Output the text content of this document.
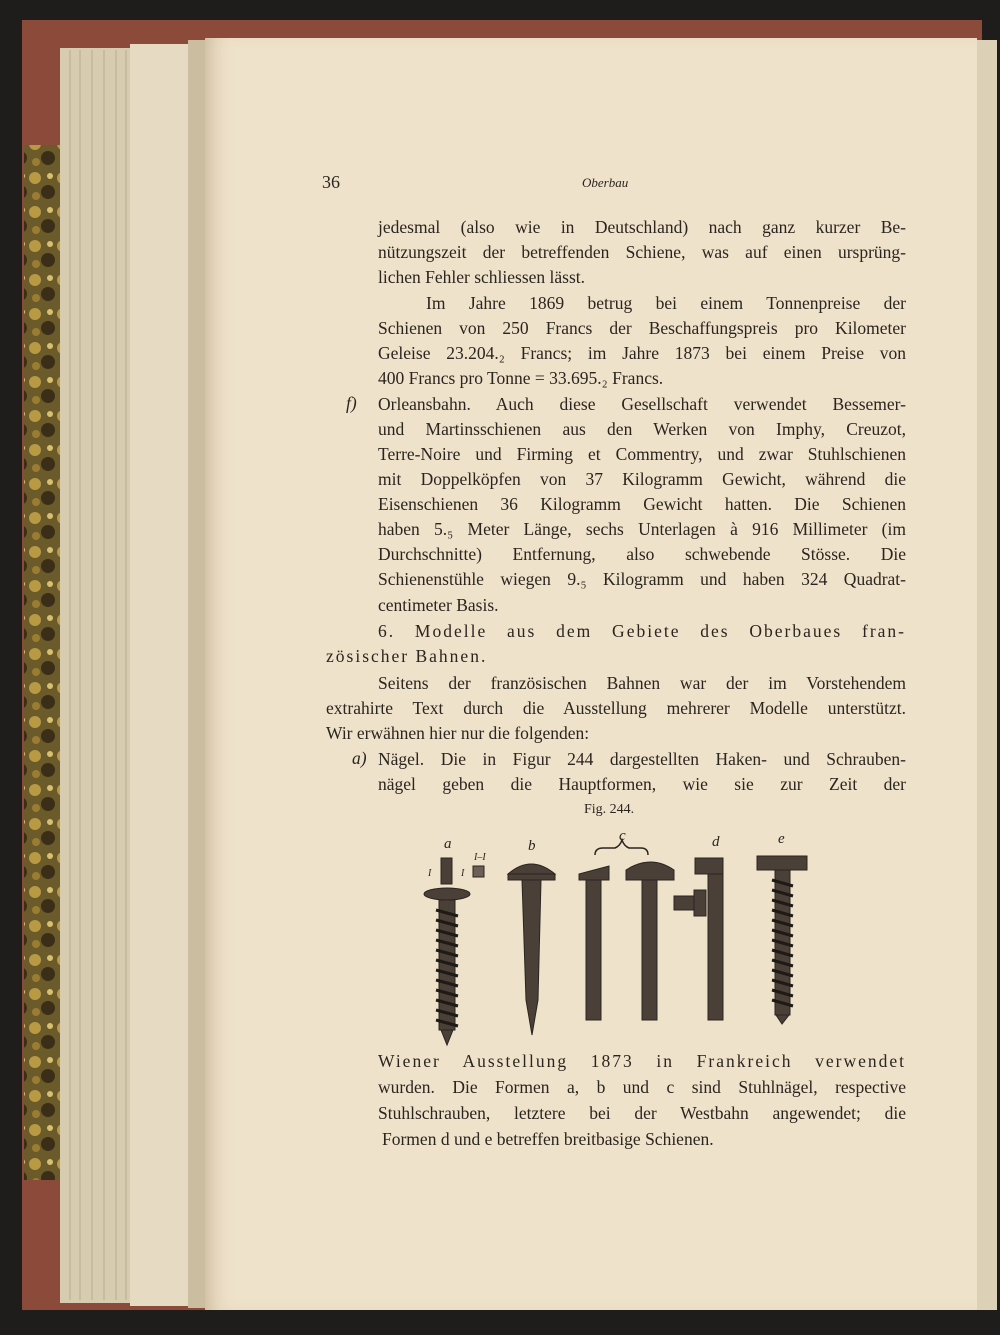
36	Oberbau
jedesmal (also wie in Deutschland) nach ganz kurzer Be-
nützungszeit der betreffenden Schiene, was auf einen ursprüng-
lichen Fehler schliessen lässt.
Im Jahre 1869 betrug bei einem Tonnenpreise der
Schienen von 250 Francs der Beschaffungspreis pro Kilometer
Geleise 23.204.₂ Francs; im Jahre 1873 bei einem Preise von
400 Francs pro Tonne = 33.695.₂ Francs.
f) Orleansbahn. Auch diese Gesellschaft verwendet Bessemer-
und Martinsschienen aus den Werken von Imphy, Creuzot,
Terre-Noire und Firming et Commentry, und zwar Stuhlschienen
mit Doppelköpfen von 37 Kilogramm Gewicht, während die
Eisenschienen 36 Kilogramm Gewicht hatten. Die Schienen
haben 5.₅ Meter Länge, sechs Unterlagen à 916 Millimeter (im
Durchschnitte) Entfernung, also schwebende Stösse. Die
Schienenstühle wiegen 9.₅ Kilogramm und haben 324 Quadrat-
centimeter Basis.
6. Modelle aus dem Gebiete des Oberbaues fran-
zösischer Bahnen.
Seitens der französischen Bahnen war der im Vorstehendem
extrahirte Text durch die Ausstellung mehrerer Modelle unterstützt.
Wir erwähnen hier nur die folgenden:
a) Nägel. Die in Figur 244 dargestellten Haken- und Schrauben-
nägel geben die Hauptformen, wie sie zur Zeit der
Fig. 244.
a	b
c	d	e
I–I
I	I
Wiener Ausstellung 1873 in Frankreich verwendet
wurden. Die Formen a, b und c sind Stuhlnägel, respective
Stuhlschrauben, letztere bei der Westbahn angewendet; die
Formen d und e betreffen breitbasige Schienen.
